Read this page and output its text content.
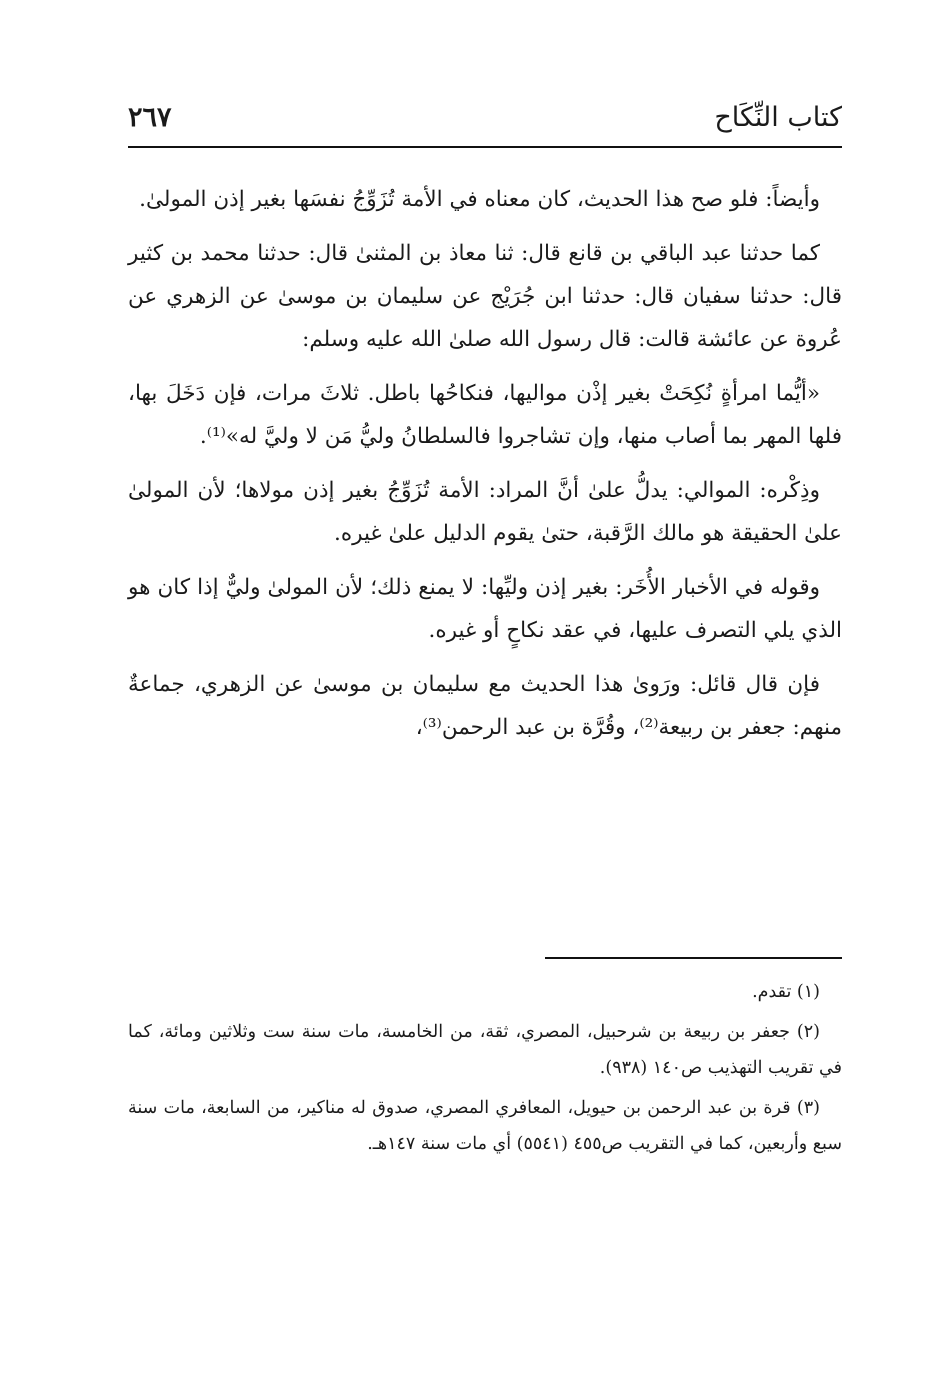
كتاب النِّكَاح
٢٦٧

وأيضاً: فلو صح هذا الحديث، كان معناه في الأمة تُزَوِّجُ نفسَها بغير إذن المولىٰ.

كما حدثنا عبد الباقي بن قانع قال: ثنا معاذ بن المثنىٰ قال: حدثنا محمد بن كثير قال: حدثنا سفيان قال: حدثنا ابن جُرَيْج عن سليمان بن موسىٰ عن الزهري عن عُروة عن عائشة قالت: قال رسول الله صلىٰ الله عليه وسلم:

«أيُّما امرأةٍ نُكِحَتْ بغير إذْن مواليها، فنكاحُها باطل. ثلاثَ مرات، فإن دَخَلَ بها، فلها المهر بما أصاب منها، وإن تشاجروا فالسلطانُ وليُّ مَن لا وليَّ له»⁽¹⁾.

وذِكْره: الموالي: يدلُّ علىٰ أنَّ المراد: الأمة تُزَوِّجُ بغير إذن مولاها؛ لأن المولىٰ علىٰ الحقيقة هو مالك الرَّقبة، حتىٰ يقوم الدليل علىٰ غيره.

وقوله في الأخبار الأُخَر: بغير إذن وليِّها: لا يمنع ذلك؛ لأن المولىٰ وليٌّ إذا كان هو الذي يلي التصرف عليها، في عقد نكاحٍ أو غيره.

فإن قال قائل: ورَوىٰ هذا الحديث مع سليمان بن موسىٰ عن الزهري، جماعةٌ منهم: جعفر بن ربيعة⁽²⁾، وقُرَّة بن عبد الرحمن⁽³⁾،

(١) تقدم.

(٢) جعفر بن ربيعة بن شرحبيل، المصري، ثقة، من الخامسة، مات سنة ست وثلاثين ومائة، كما في تقريب التهذيب ص١٤٠ (٩٣٨).

(٣) قرة بن عبد الرحمن بن حيويل، المعافري المصري، صدوق له مناكير، من السابعة، مات سنة سبع وأربعين، كما في التقريب ص٤٥٥ (٥٥٤١) أي مات سنة ١٤٧هـ.
